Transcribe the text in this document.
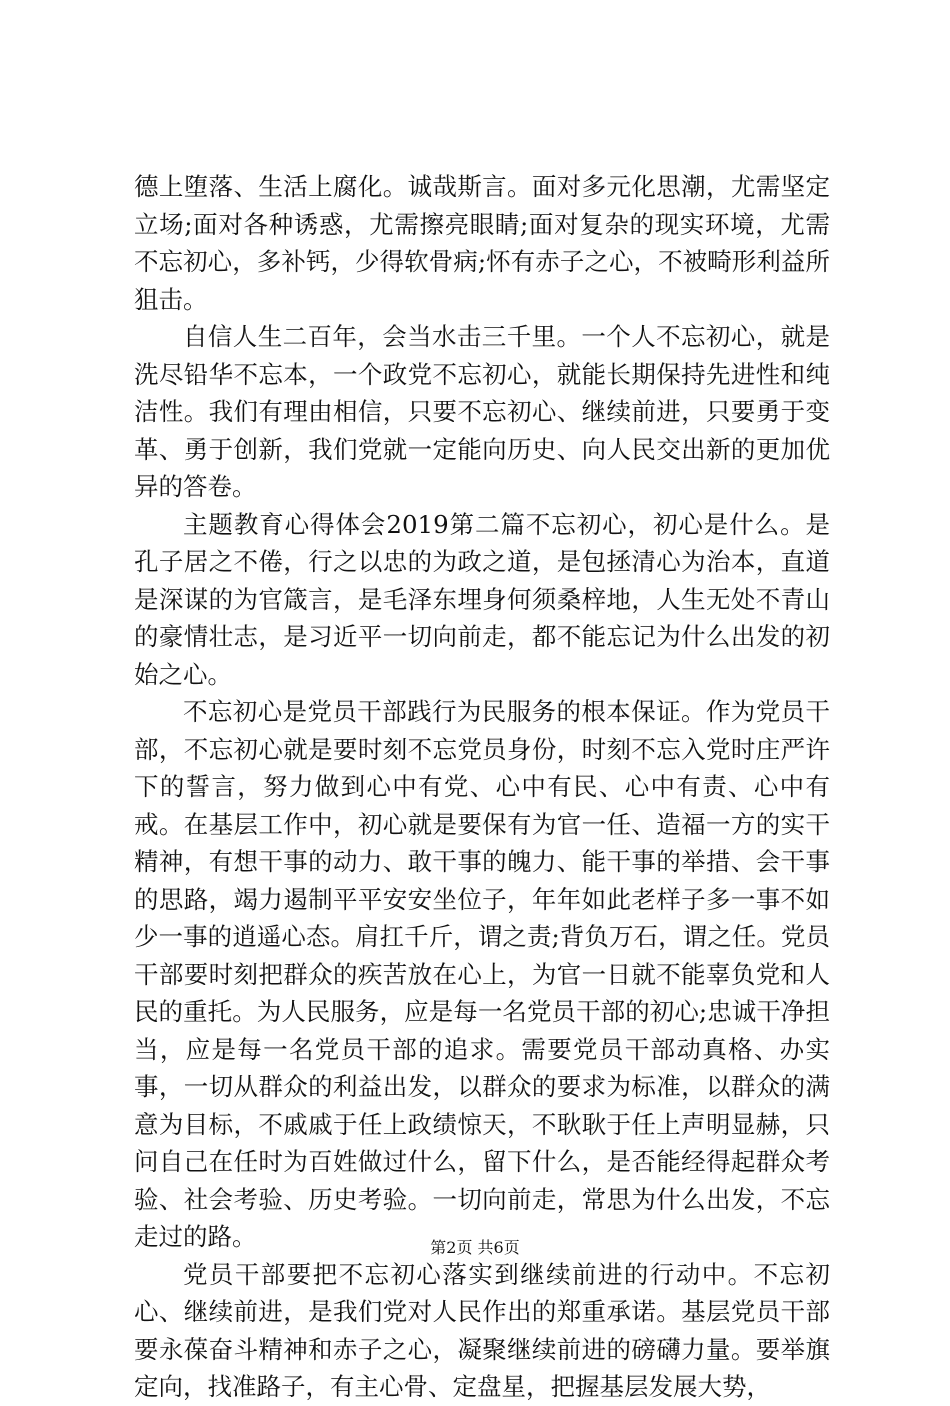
德上堕落、生活上腐化。诚哉斯言。面对多元化思潮，尤需坚定立场;面对各种诱惑，尤需擦亮眼睛;面对复杂的现实环境，尤需不忘初心，多补钙，少得软骨病;怀有赤子之心，不被畸形利益所狙击。

自信人生二百年，会当水击三千里。一个人不忘初心，就是洗尽铅华不忘本，一个政党不忘初心，就能长期保持先进性和纯洁性。我们有理由相信，只要不忘初心、继续前进，只要勇于变革、勇于创新，我们党就一定能向历史、向人民交出新的更加优异的答卷。

主题教育心得体会2019第二篇不忘初心，初心是什么。是孔子居之不倦，行之以忠的为政之道，是包拯清心为治本，直道是深谋的为官箴言，是毛泽东埋身何须桑梓地，人生无处不青山的豪情壮志，是习近平一切向前走，都不能忘记为什么出发的初始之心。

不忘初心是党员干部践行为民服务的根本保证。作为党员干部，不忘初心就是要时刻不忘党员身份，时刻不忘入党时庄严许下的誓言，努力做到心中有党、心中有民、心中有责、心中有戒。在基层工作中，初心就是要保有为官一任、造福一方的实干精神，有想干事的动力、敢干事的魄力、能干事的举措、会干事的思路，竭力遏制平平安安坐位子，年年如此老样子多一事不如少一事的逍遥心态。肩扛千斤，谓之责;背负万石，谓之任。党员干部要时刻把群众的疾苦放在心上，为官一日就不能辜负党和人民的重托。为人民服务，应是每一名党员干部的初心;忠诚干净担当，应是每一名党员干部的追求。需要党员干部动真格、办实事，一切从群众的利益出发，以群众的要求为标准，以群众的满意为目标，不戚戚于任上政绩惊天，不耿耿于任上声明显赫，只问自己在任时为百姓做过什么，留下什么，是否能经得起群众考验、社会考验、历史考验。一切向前走，常思为什么出发，不忘走过的路。

党员干部要把不忘初心落实到继续前进的行动中。不忘初心、继续前进，是我们党对人民作出的郑重承诺。基层党员干部要永葆奋斗精神和赤子之心，凝聚继续前进的磅礴力量。要举旗定向，找准路子，有主心骨、定盘星，把握基层发展大势，

第2页 共6页
